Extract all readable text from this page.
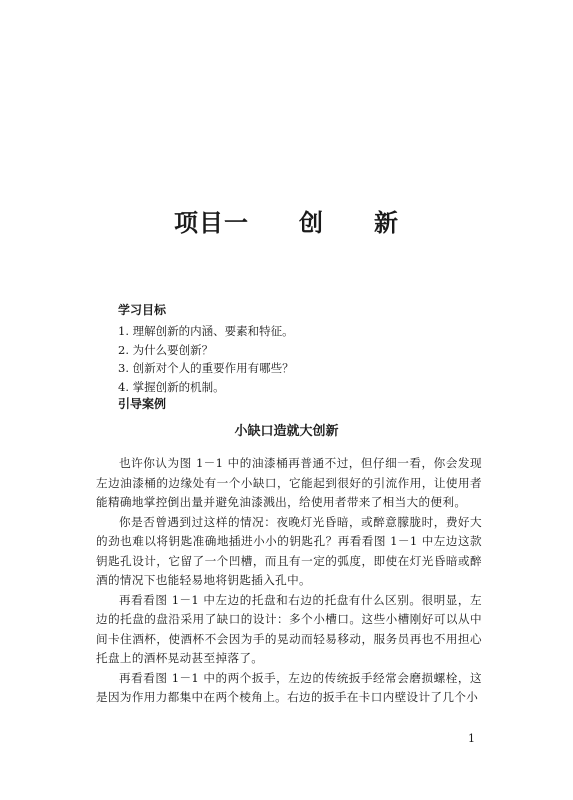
项目一 创 新
学习目标
1. 理解创新的内涵、要素和特征。
2. 为什么要创新？
3. 创新对个人的重要作用有哪些？
4. 掌握创新的机制。
引导案例
小缺口造就大创新

也许你认为图 1－1 中的油漆桶再普通不过，但仔细一看，你会发现左边油漆桶的边缘处有一个小缺口，它能起到很好的引流作用，让使用者能精确地掌控倒出量并避免油漆溅出，给使用者带来了相当大的便利。

你是否曾遇到过这样的情况：夜晚灯光昏暗，或醉意朦胧时，费好大的劲也难以将钥匙准确地插进小小的钥匙孔？再看看图 1－1 中左边这款钥匙孔设计，它留了一个凹槽，而且有一定的弧度，即使在灯光昏暗或醉酒的情况下也能轻易地将钥匙插入孔中。

再看看图 1－1 中左边的托盘和右边的托盘有什么区别。很明显，左边的托盘的盘沿采用了缺口的设计：多个小槽口。这些小槽刚好可以从中间卡住酒杯，使酒杯不会因为手的晃动而轻易移动，服务员再也不用担心托盘上的酒杯晃动甚至掉落了。

再看看图 1－1 中的两个扳手，左边的传统扳手经常会磨损螺栓，这是因为作用力都集中在两个棱角上。右边的扳手在卡口内壁设计了几个小

1
